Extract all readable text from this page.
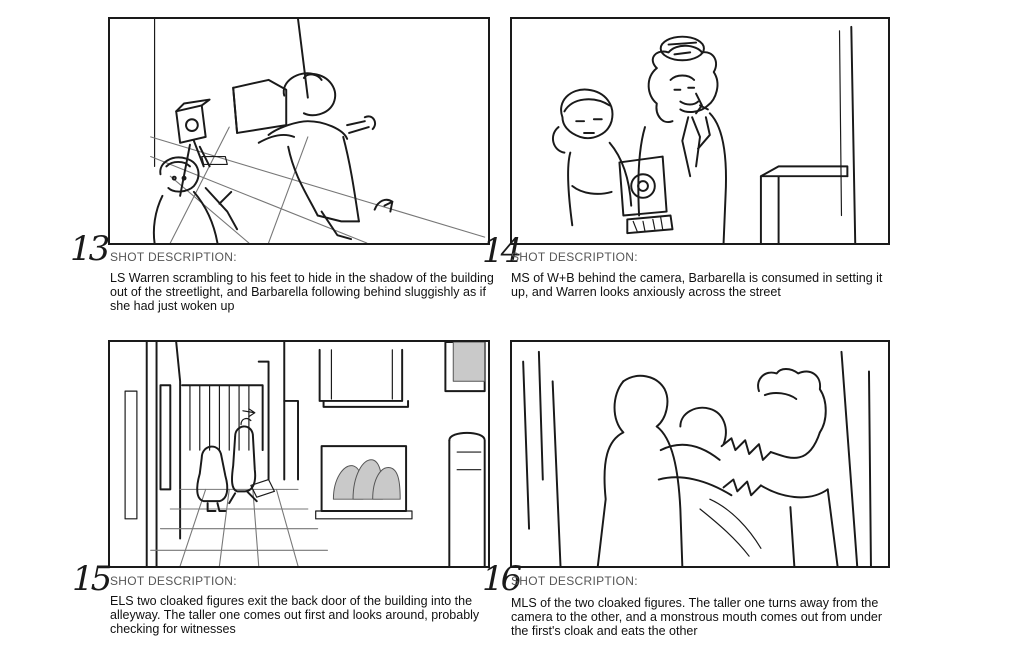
13 SHOT DESCRIPTION:
LS Warren scrambling to his feet to hide in the shadow of the building out of the streetlight, and Barbarella following behind sluggishly as if she had just woken up
14
SHOT DESCRIPTION:
MS of W+B behind the camera, Barbarella is consumed in setting it up, and Warren looks anxiously across the street
15 SHOT DESCRIPTION:
ELS two cloaked figures exit the back door of the building into the alleyway. The taller one comes out first and looks around, probably checking for witnesses
16
SHOT DESCRIPTION:
MLS of the two cloaked figures. The taller one turns away from the camera to the other, and a monstrous mouth comes out from under the first's cloak and eats the other
